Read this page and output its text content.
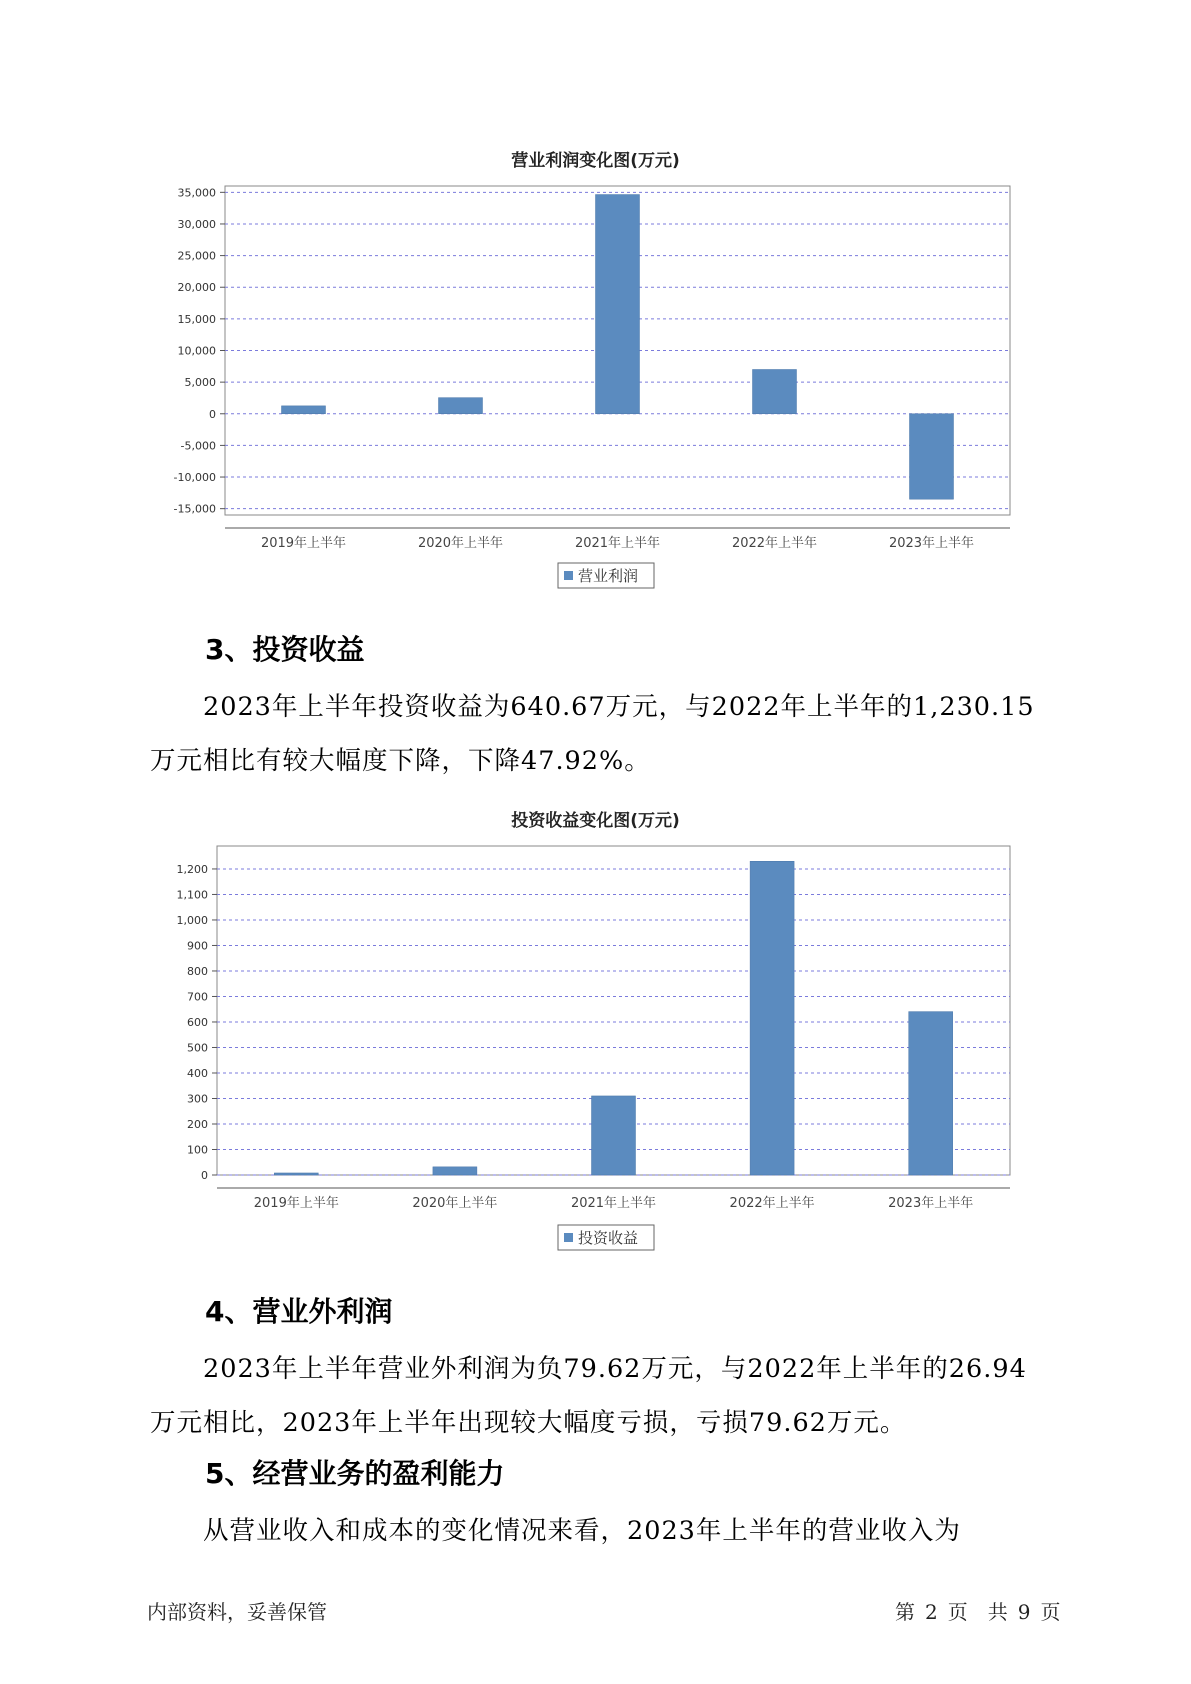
营业利润变化图(万元)
35,000
30,000
25,000
20,000
15,000
10,000
5,000
0
-5,000
-10,000
-15,000
2019年上半年	2020年上半年	2021年上半年	2022年上半年	2023年上半年
营业利润
3、投资收益
2023年上半年投资收益为640.67万元，与2022年上半年的1,230.15万元相比有较大幅度下降，下降47.92%。
投资收益变化图(万元)
1,200
1,100
1,000
900
800
700
600
500
400
300
200
100
0
2019年上半年	2020年上半年	2021年上半年	2022年上半年	2023年上半年
投资收益
4、营业外利润
2023年上半年营业外利润为负79.62万元，与2022年上半年的26.94万元相比，2023年上半年出现较大幅度亏损，亏损79.62万元。
5、经营业务的盈利能力
从营业收入和成本的变化情况来看，2023年上半年的营业收入为
内部资料，妥善保管	第 2 页　共 9 页
